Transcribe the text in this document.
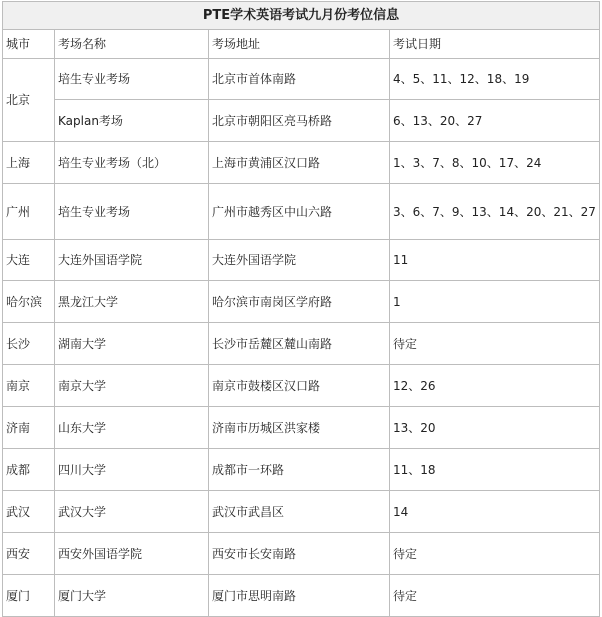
PTE学术英语考试九月份考位信息			
城市	考场名称	考场地址	考试日期
北京	培生专业考场	北京市首体南路	4、5、11、12、18、19
	Kaplan考场	北京市朝阳区亮马桥路	6、13、20、27
上海	培生专业考场（北）	上海市黄浦区汉口路	1、3、7、8、10、17、24
广州	培生专业考场	广州市越秀区中山六路	3、6、7、9、13、14、20、21、27
大连	大连外国语学院	大连外国语学院	11
哈尔滨	黑龙江大学	哈尔滨市南岗区学府路	1
长沙	湖南大学	长沙市岳麓区麓山南路	待定
南京	南京大学	南京市鼓楼区汉口路	12、26
济南	山东大学	济南市历城区洪家楼	13、20
成都	四川大学	成都市一环路	11、18
武汉	武汉大学	武汉市武昌区	14
西安	西安外国语学院	西安市长安南路	待定
厦门	厦门大学	厦门市思明南路	待定
